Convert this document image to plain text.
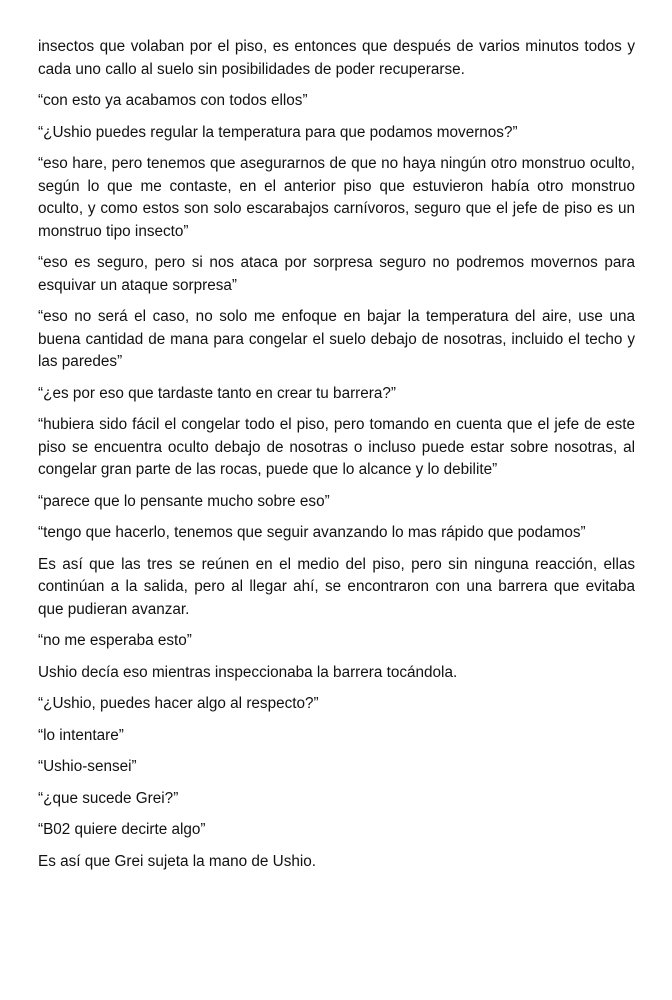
insectos que volaban por el piso, es entonces que después de varios minutos todos y cada uno callo al suelo sin posibilidades de poder recuperarse.

“con esto ya acabamos con todos ellos”

“¿Ushio puedes regular la temperatura para que podamos movernos?”

“eso hare, pero tenemos que asegurarnos de que no haya ningún otro monstruo oculto, según lo que me contaste, en el anterior piso que estuvieron había otro monstruo oculto, y como estos son solo escarabajos carnívoros, seguro que el jefe de piso es un monstruo tipo insecto”

“eso es seguro, pero si nos ataca por sorpresa seguro no podremos movernos para esquivar un ataque sorpresa”

“eso no será el caso, no solo me enfoque en bajar la temperatura del aire, use una buena cantidad de mana para congelar el suelo debajo de nosotras, incluido el techo y las paredes”

“¿es por eso que tardaste tanto en crear tu barrera?”

“hubiera sido fácil el congelar todo el piso, pero tomando en cuenta que el jefe de este piso se encuentra oculto debajo de nosotras o incluso puede estar sobre nosotras, al congelar gran parte de las rocas, puede que lo alcance y lo debilite”

“parece que lo pensante mucho sobre eso”

“tengo que hacerlo, tenemos que seguir avanzando lo mas rápido que podamos”

Es así que las tres se reúnen en el medio del piso, pero sin ninguna reacción, ellas continúan a la salida, pero al llegar ahí, se encontraron con una barrera que evitaba que pudieran avanzar.

“no me esperaba esto”

Ushio decía eso mientras inspeccionaba la barrera tocándola.

“¿Ushio, puedes hacer algo al respecto?”

“lo intentare”

“Ushio-sensei”

“¿que sucede Grei?”

“B02 quiere decirte algo”

Es así que Grei sujeta la mano de Ushio.
